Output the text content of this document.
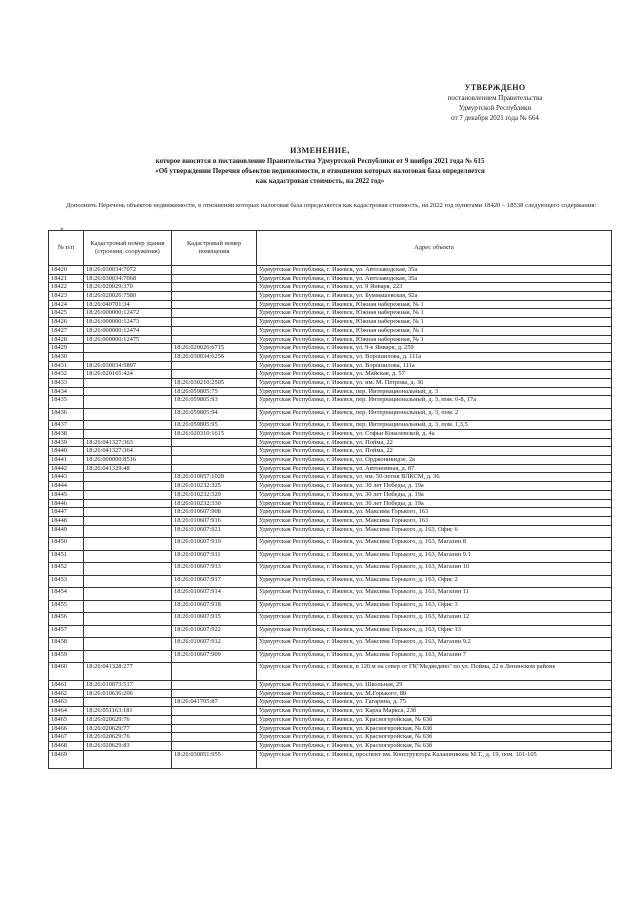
УТВЕРЖДЕНО
постановлением Правительства
Удмуртской Республики
от 7 декабря 2021 года № 664
ИЗМЕНЕНИЕ,
которое вносится в постановление Правительства Удмуртской Республики от 9 ноября 2021 года № 615
«Об утверждении Перечня объектов недвижимости, в отношении которых налоговая база определяется
как кадастровая стоимость, на 2022 год»
Дополнить Перечень объектов недвижимости, в отношении которых налоговая база определяется как кадастровая стоимость, на 2022 год пунктами 18420 – 18538 следующего содержания:
«
№ п/п	Кадастровый номер здания (строения, сооружения)	Кадастровый номер помещения	Адрес объекта
18420	18:26:030034:7072		Удмуртская Республика, г. Ижевск, ул. Автозаводская, 35а
18421	18:26:030034:7068		Удмуртская Республика, г. Ижевск, ул. Автозаводская, 35а
18422	18:26:020029:370		Удмуртская Республика, г. Ижевск, ул. 9 Января, 223
18423	18:26:020026:7580		Удмуртская Республика, г. Ижевск, ул. Буммашевская, 92а
18424	18:26:040701:34		Удмуртская Республика, г. Ижевск, Южная набережная, № 1
18425	18:26:000000:12472		Удмуртская Республика, г. Ижевск, Южная набережная, № 1
18426	18:26:000000:12473		Удмуртская Республика, г. Ижевск, Южная набережная, № 1
18427	18:26:000000:12474		Удмуртская Республика, г. Ижевск, Южная набережная, № 1
18428	18:26:000000:12475		Удмуртская Республика, г. Ижевск, Южная набережная, № 1
18429		18:26:020026:6715	Удмуртская Республика, г. Ижевск, ул. 9-е Января, д. 259
18430		18:26:030034:6256	Удмуртская Республика, г. Ижевск, ул. Ворошилова, д. 111а
18431	18:26:030034:5897		Удмуртская Республика, г. Ижевск, ул. Ворошилова, 111а
18432	18:26:020165:424		Удмуртская Республика, г. Ижевск, ул. Майская, д. 57
18433		18:26:030210:2505	Удмуртская Республика, г. Ижевск, ул. им. М. Петрова, д. 36
18434		18:26:059805:75	Удмуртская Республика, г. Ижевск, пер. Интернациональный, д. 3
18435		18:26:059805:93	Удмуртская Республика, г. Ижевск, пер. Интернациональный, д. 3, пом. 6-8, 17а
18436		18:26:059805:94	Удмуртская Республика, г. Ижевск, пер. Интернациональный, д. 3, пом. 2
18437		18:26:059805:95	Удмуртская Республика, г. Ижевск, пер. Интернациональный, д. 3, пом. 1,3,5
18438		18:26:020310:1615	Удмуртская Республика, г. Ижевск, ул. Софьи Ковалевской, д. 4а
18439	18:26:041327:363		Удмуртская Республика, г. Ижевск, ул. Пойма, 22
18440	18:26:041327:364		Удмуртская Республика, г. Ижевск, ул. Пойма, 22
18441	18:26:000000:8516		Удмуртская Республика, г. Ижевск, ул. Орджоникидзе, 2а
18442	18:26:041329:48		Удмуртская Республика, г. Ижевск, ул. Автономная, д. 87
18443		18:26:010057:1028	Удмуртская Республика, г. Ижевск, ул. им. 50-летия ВЛКСМ, д. 36
18444		18:26:010232:325	Удмуртская Республика, г. Ижевск, ул. 30 лет Победы, д. 19а
18445		18:26:010232:329	Удмуртская Республика, г. Ижевск, ул. 30 лет Победы, д. 19а
18446		18:26:010232:330	Удмуртская Республика, г. Ижевск, ул. 30 лет Победы, д. 19а
18447		18:26:010607:908	Удмуртская Республика, г. Ижевск, ул. Максима Горького, 163
18448		18:26:010607:916	Удмуртская Республика, г. Ижевск, ул. Максима Горького, 163
18449		18:26:010607:921	Удмуртская Республика, г. Ижевск, ул. Максима Горького, д. 163, Офис 6
18450		18:26:010607:910	Удмуртская Республика, г. Ижевск, ул. Максима Горького, д. 163, Магазин 8
18451		18:26:010607:911	Удмуртская Республика, г. Ижевск, ул. Максима Горького, д. 163, Магазин 9.1
18452		18:26:010607:913	Удмуртская Республика, г. Ижевск, ул. Максима Горького, д. 163, Магазин 10
18453		18:26:010607:917	Удмуртская Республика, г. Ижевск, ул. Максима Горького, д. 163, Офис 2
18454		18:26:010607:914	Удмуртская Республика, г. Ижевск, ул. Максима Горького, д. 163, Магазин 11
18455		18:26:010607:918	Удмуртская Республика, г. Ижевск, ул. Максима Горького, д. 163, Офис 3
18456		18:26:010607:915	Удмуртская Республика, г. Ижевск, ул. Максима Горького, д. 163, Магазин 12
18457		18:26:010607:922	Удмуртская Республика, г. Ижевск, ул. Максима Горького, д. 163, Офис 13
18458		18:26:010607:912	Удмуртская Республика, г. Ижевск, ул. Максима Горького, д. 163, Магазин 9.2
18459		18:26:010607:909	Удмуртская Республика, г. Ижевск, ул. Максима Горького, д. 163, Магазин 7
18460	18:26:041328:277		Удмуртская Республика, г. Ижевск, в 120 м на север от ГК"Медведево" по ул. Пойма, 22 в Ленинском районе
18461	18:26:010073:517		Удмуртская Республика, г. Ижевск, ул. Школьная, 29
18462	18:26:010636:206		Удмуртская Республика, г. Ижевск, ул. М.Горького, 88
18463		18:26:041705:87	Удмуртская Республика, г. Ижевск, ул. Гагарина, д. 75
18464	18:26:051163:181		Удмуртская Республика, г. Ижевск, ул. Карла Маркса, 23б
18465	18:26:020629:76		Удмуртская Республика, г. Ижевск, ул. Красногеройская, № 63б
18466	18:26:020629:77		Удмуртская Республика, г. Ижевск, ул. Красногеройская, № 63б
18467	18:26:020629:76		Удмуртская Республика, г. Ижевск, ул. Красногеройская, № 63б
18468	18:26:020629:83		Удмуртская Республика, г. Ижевск, ул. Красногеройская, № 63б
18469		18:26:030051:955	Удмуртская Республика, г. Ижевск, проспект им. Конструктора Калашникова М.Т., д. 19, пом. 101-105
